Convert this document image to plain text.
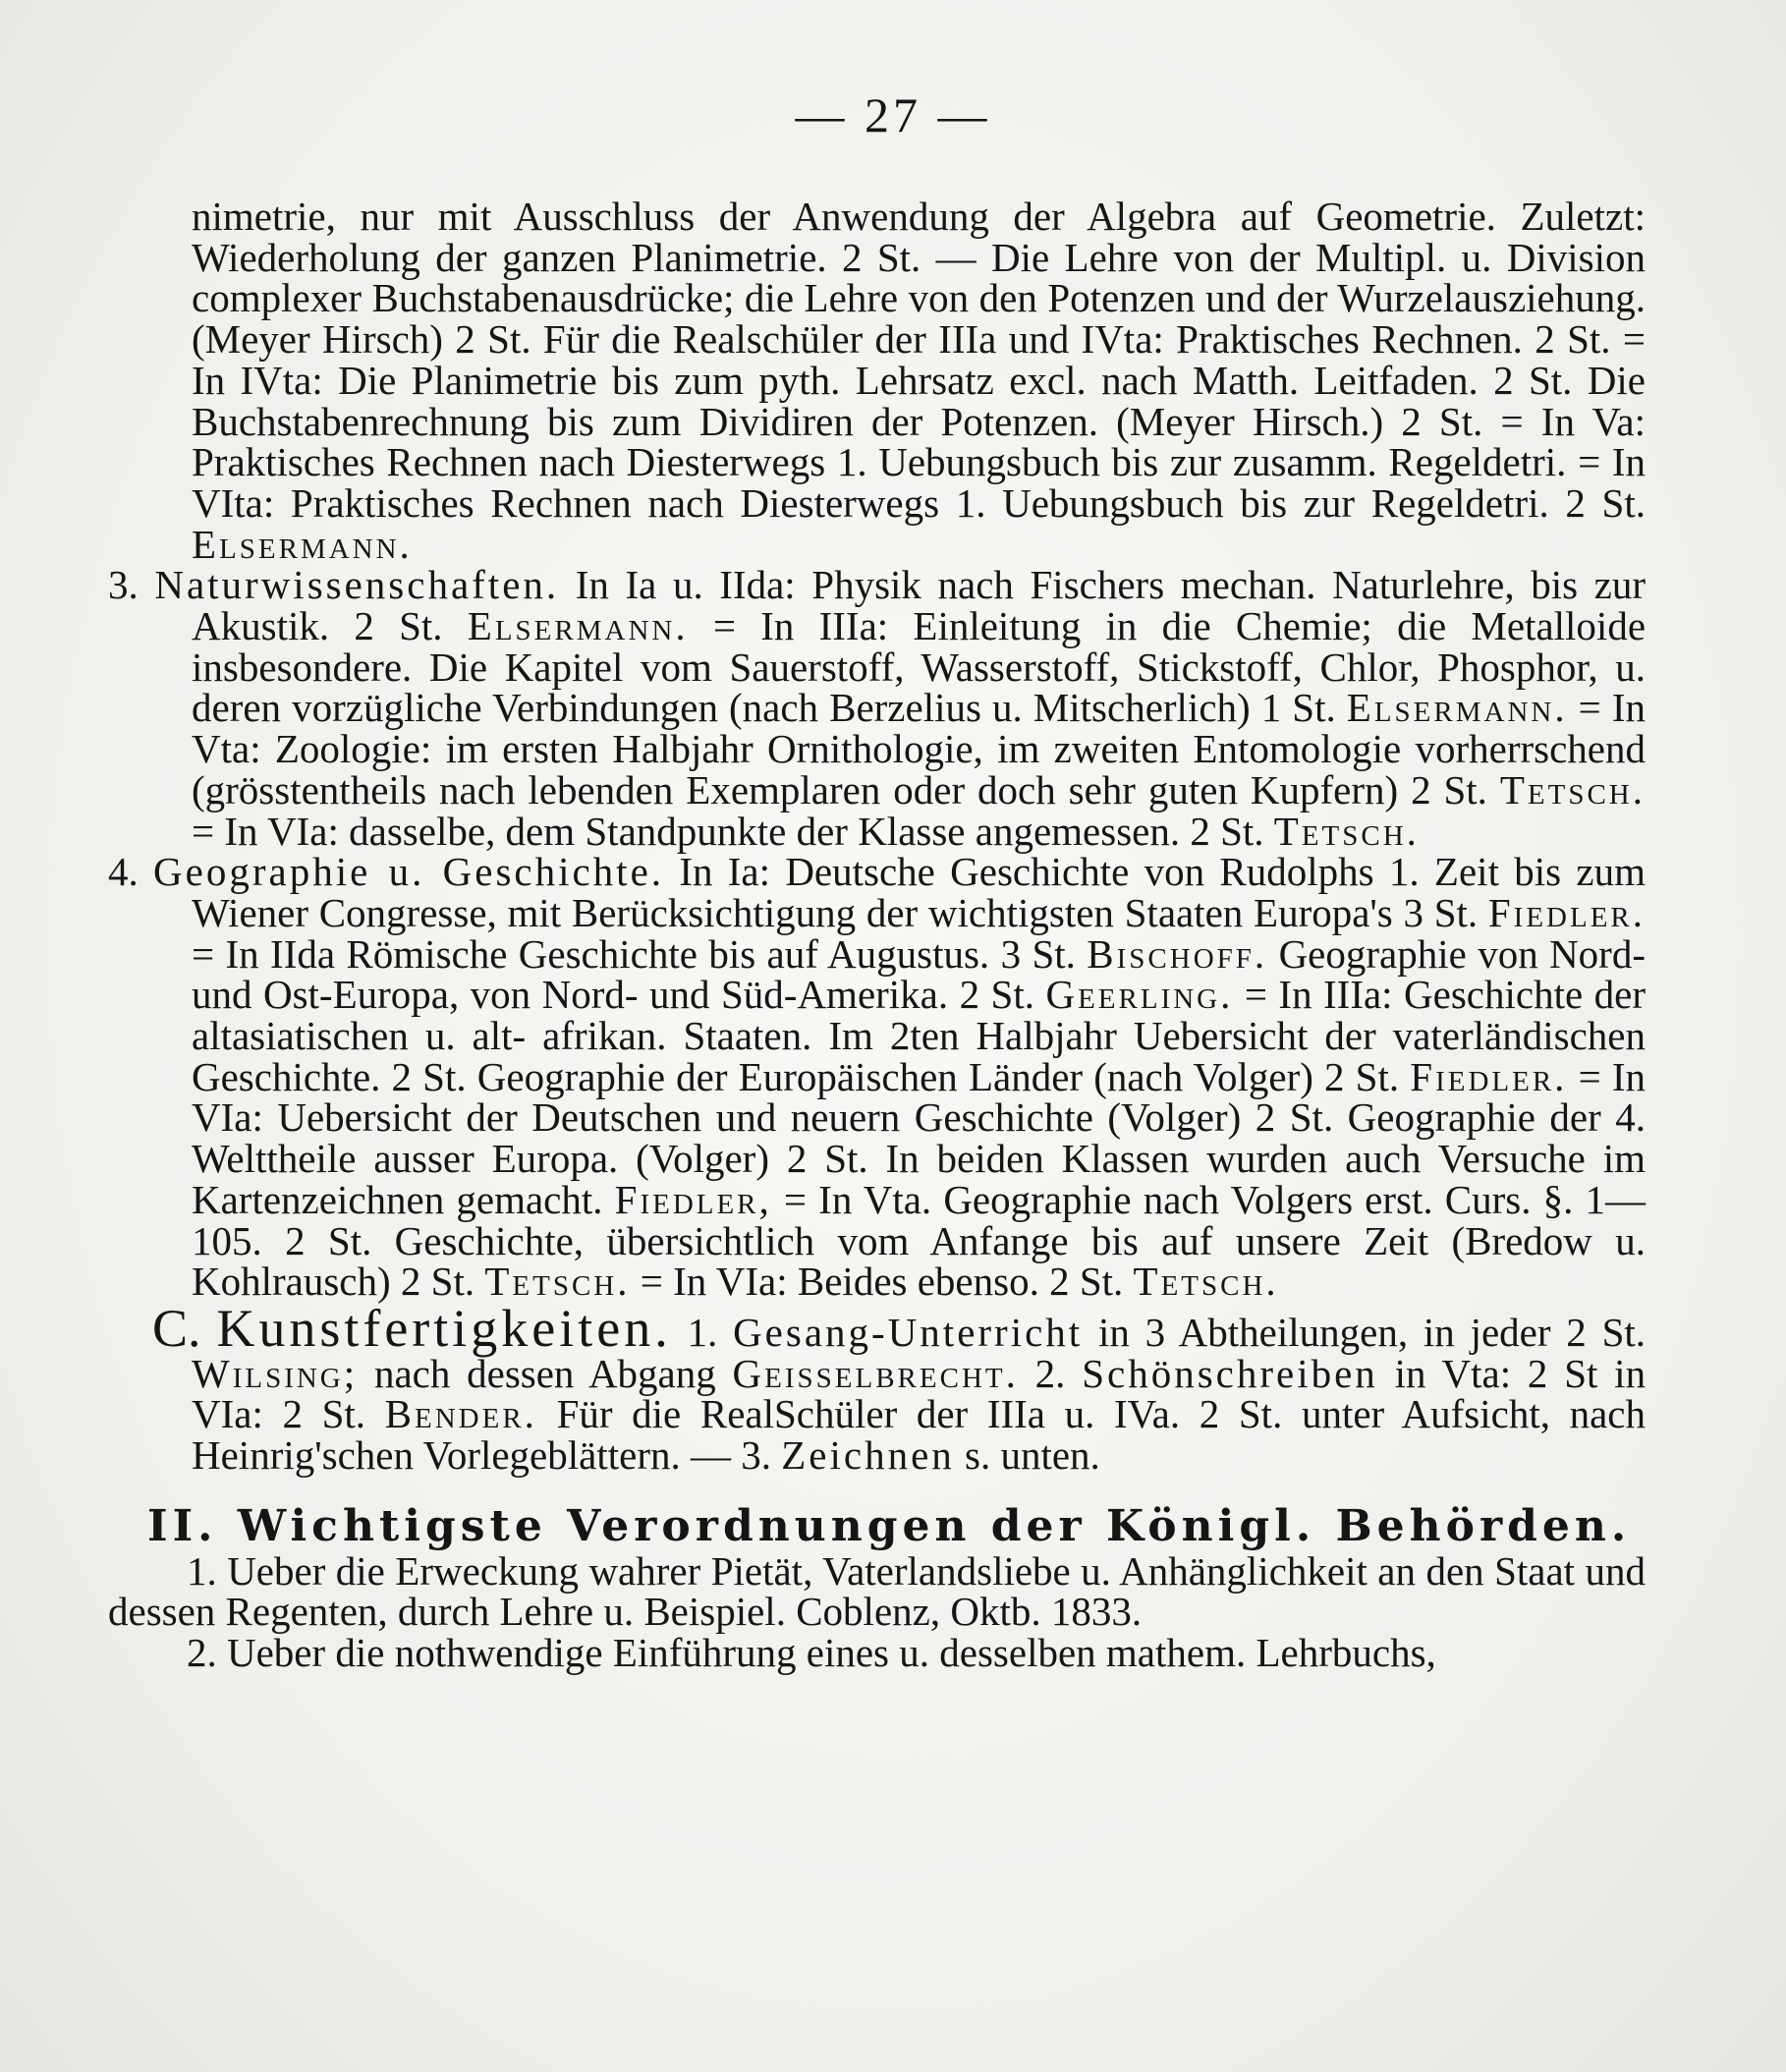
— 27 —

nimetrie, nur mit Ausschluss der Anwendung der Algebra auf Geometrie. Zuletzt: Wiederholung der ganzen Planimetrie. 2 St. — Die Lehre von der Multipl. u. Division complexer Buchstabenausdrücke; die Lehre von den Potenzen und der Wurzelausziehung. (Meyer Hirsch) 2 St. Für die Realschüler der IIIa und IVta: Praktisches Rechnen. 2 St. = In IVta: Die Planimetrie bis zum pyth. Lehrsatz excl. nach Matth. Leitfaden. 2 St. Die Buchstabenrechnung bis zum Dividiren der Potenzen. (Meyer Hirsch.) 2 St. = In Va: Praktisches Rechnen nach Diesterwegs 1. Uebungsbuch bis zur zusamm. Regeldetri. = In VIta: Praktisches Rechnen nach Diesterwegs 1. Uebungsbuch bis zur Regeldetri. 2 St. Elsermann.

3. Naturwissenschaften. In Ia u. IIda: Physik nach Fischers mechan. Naturlehre, bis zur Akustik. 2 St. Elsermann. = In IIIa: Einleitung in die Chemie; die Metalloide insbesondere. Die Kapitel vom Sauerstoff, Wasserstoff, Stickstoff, Chlor, Phosphor, u. deren vorzügliche Verbindungen (nach Berzelius u. Mitscherlich) 1 St. Elsermann. = In Vta: Zoologie: im ersten Halbjahr Ornithologie, im zweiten Entomologie vorherrschend (grösstentheils nach lebenden Exemplaren oder doch sehr guten Kupfern) 2 St. Tetsch. = In VIa: dasselbe, dem Standpunkte der Klasse angemessen. 2 St. Tetsch.

4. Geographie u. Geschichte. In Ia: Deutsche Geschichte von Rudolphs 1. Zeit bis zum Wiener Congresse, mit Berücksichtigung der wichtigsten Staaten Europa's 3 St. Fiedler. = In IIda Römische Geschichte bis auf Augustus. 3 St. Bischoff. Geographie von Nord- und Ost-Europa, von Nord- und Süd-Amerika. 2 St. Geerling. = In IIIa: Geschichte der altasiatischen u. alt- afrikan. Staaten. Im 2ten Halbjahr Uebersicht der vaterländischen Geschichte. 2 St. Geographie der Europäischen Länder (nach Volger) 2 St. Fiedler. = In VIa: Uebersicht der Deutschen und neuern Geschichte (Volger) 2 St. Geographie der 4. Welttheile ausser Europa. (Volger) 2 St. In beiden Klassen wurden auch Versuche im Kartenzeichnen gemacht. Fiedler, = In Vta. Geographie nach Volgers erst. Curs. §. 1—105. 2 St. Geschichte, übersichtlich vom Anfange bis auf unsere Zeit (Bredow u. Kohlrausch) 2 St. Tetsch. = In VIa: Beides ebenso. 2 St. Tetsch.

C. Kunstfertigkeiten. 1. Gesang-Unterricht in 3 Abtheilungen, in jeder 2 St. Wilsing; nach dessen Abgang Geisselbrecht. 2. Schönschreiben in Vta: 2 St in VIa: 2 St. Bender. Für die RealSchüler der IIIa u. IVa. 2 St. unter Aufsicht, nach Heinrig'schen Vorlegeblättern. — 3. Zeichnen s. unten.

II. Wichtigste Verordnungen der Königl. Behörden.

1. Ueber die Erweckung wahrer Pietät, Vaterlandsliebe u. Anhänglichkeit an den Staat und dessen Regenten, durch Lehre u. Beispiel. Coblenz, Oktb. 1833.

2. Ueber die nothwendige Einführung eines u. desselben mathem. Lehrbuchs,
